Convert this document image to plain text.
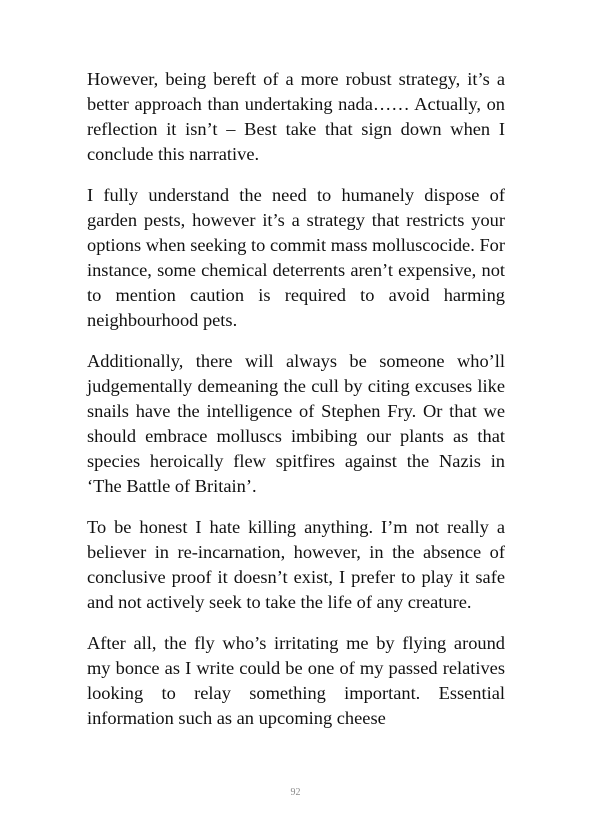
However, being bereft of a more robust strategy, it’s a better approach than undertaking nada…… Actually, on reflection it isn’t – Best take that sign down when I conclude this narrative.

I fully understand the need to humanely dispose of garden pests, however it’s a strategy that restricts your options when seeking to commit mass molluscocide. For instance, some chemical deterrents aren’t expensive, not to mention caution is required to avoid harming neighbourhood pets.

Additionally, there will always be someone who’ll judgementally demeaning the cull by citing excuses like snails have the intelligence of Stephen Fry. Or that we should embrace molluscs imbibing our plants as that species heroically flew spitfires against the Nazis in ‘The Battle of Britain’.

To be honest I hate killing anything. I’m not really a believer in re-incarnation, however, in the absence of conclusive proof it doesn’t exist, I prefer to play it safe and not actively seek to take the life of any creature.

After all, the fly who’s irritating me by flying around my bonce as I write could be one of my passed relatives looking to relay something important. Essential information such as an upcoming cheese

92
